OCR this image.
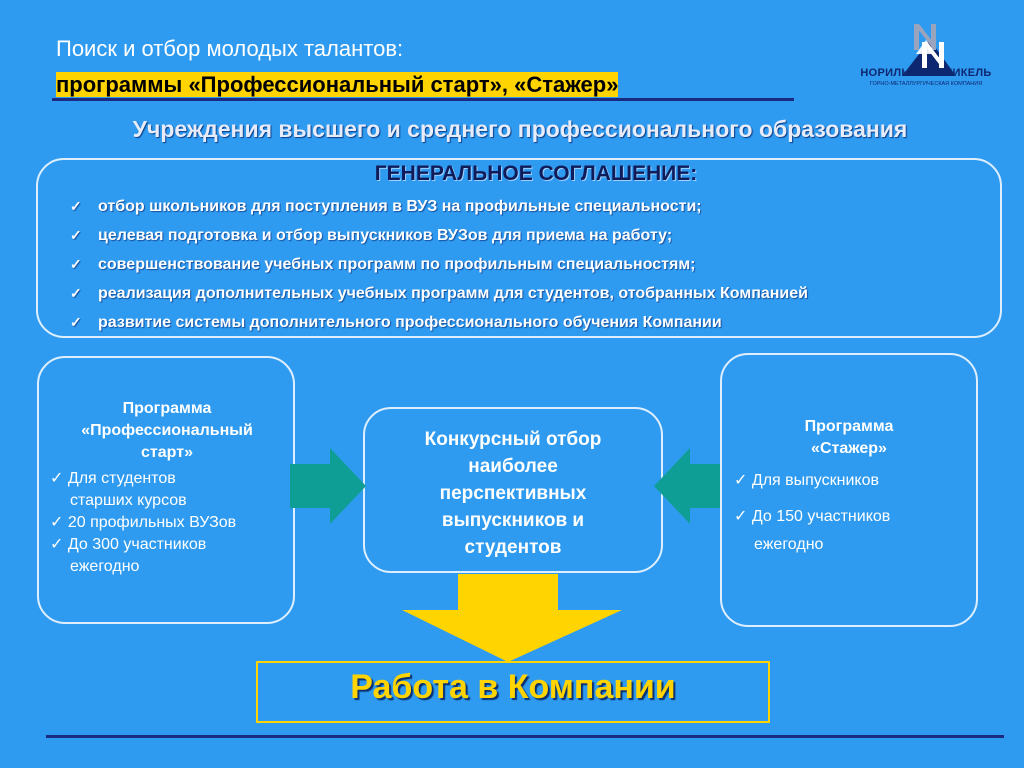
Поиск и отбор молодых талантов:
программы «Профессиональный старт», «Стажер»	НОРИЛЬСКИЙ НИКЕЛЬ
ГОРНО-МЕТАЛЛУРГИЧЕСКАЯ КОМПАНИЯ
Учреждения высшего и среднего профессионального образования
ГЕНЕРАЛЬНОЕ СОГЛАШЕНИЕ:
✓	отбор школьников для поступления в ВУЗ на профильные специальности;
✓	целевая подготовка и отбор выпускников ВУЗов для приема на работу;
✓	совершенствование учебных программ по профильным специальностям;
✓	реализация дополнительных учебных программ для студентов, отобранных Компанией
✓	развитие системы дополнительного профессионального обучения Компании
Программа
«Профессиональный
старт»
✓ Для студентов
старших курсов
✓ 20 профильных ВУЗов
✓ До 300 участников
ежегодно
Конкурсный отбор
наиболее
перспективных
выпускников и
студентов
Программа
«Стажер»
✓ Для выпускников
✓ До 150 участников
ежегодно
Работа в Компании
